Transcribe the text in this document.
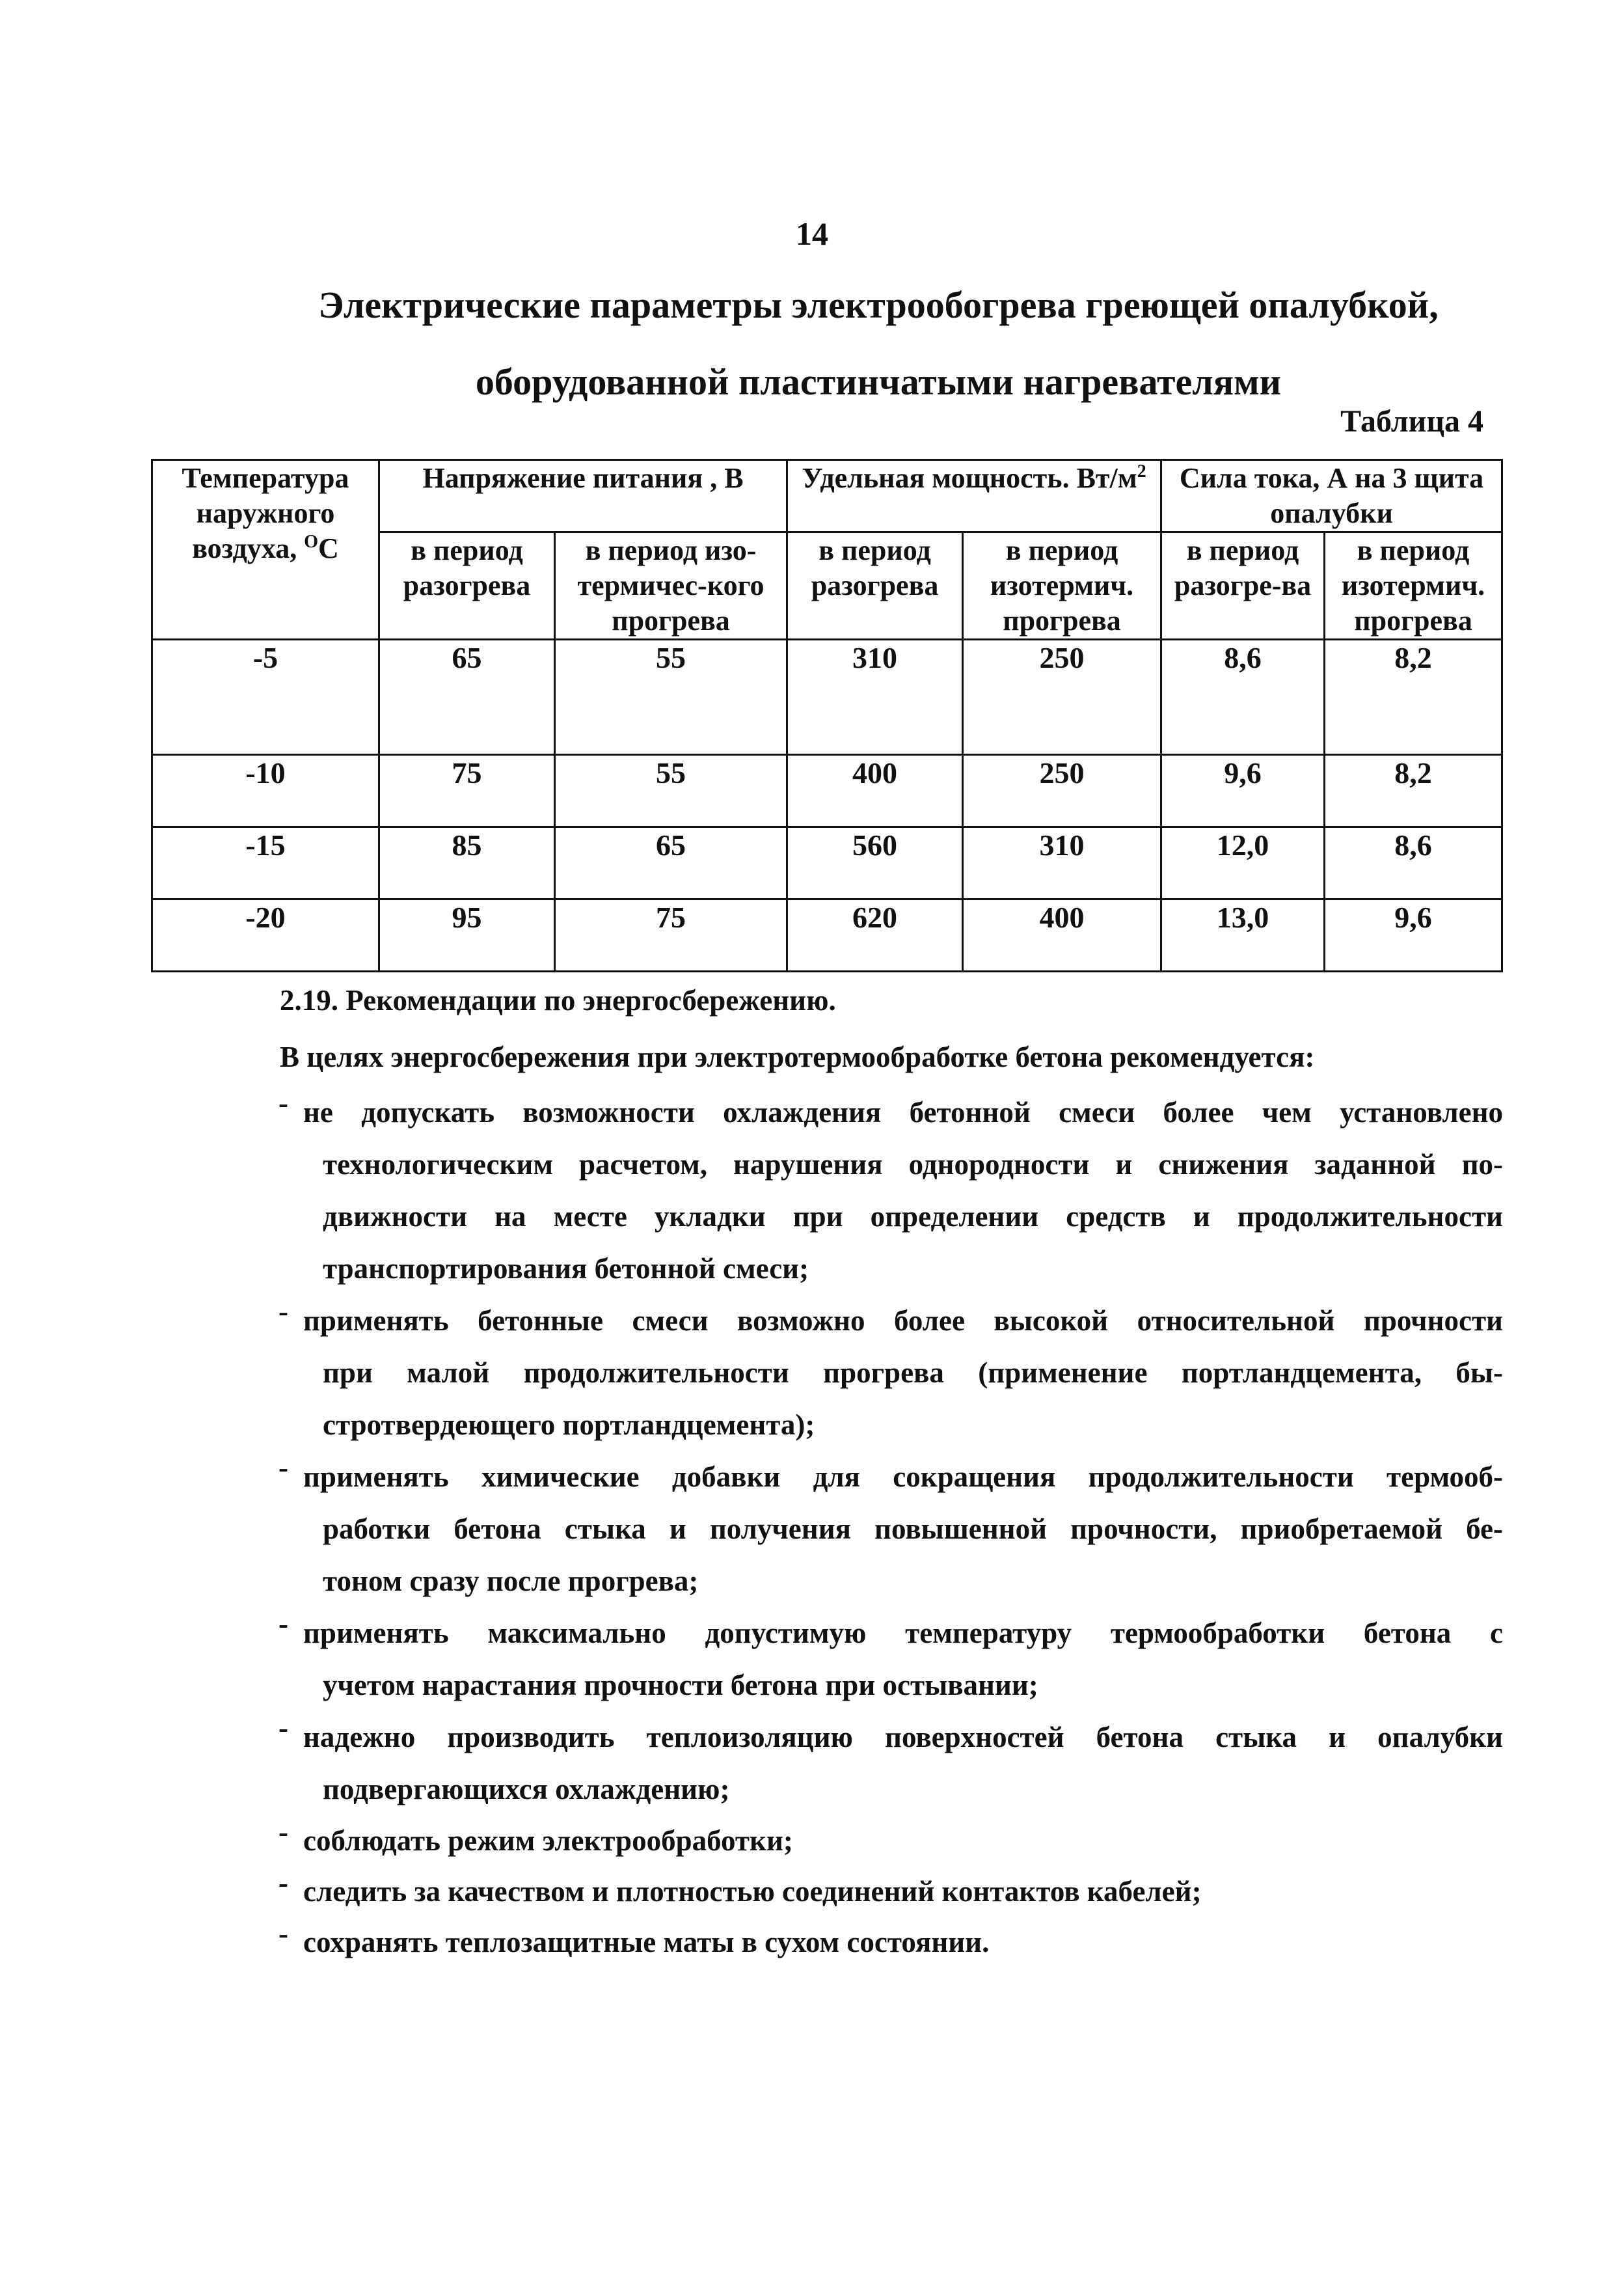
14
Электрические параметры электрообогрева греющей опалубкой,
оборудованной пластинчатыми нагревателями
Таблица 4
Температура наружного воздуха, $^О$С	Напряжение питания , В		Удельная мощность. $Вт/м^2$		Сила тока, А на 3 щита опалубки	
	в период разогрева	в период изо-термичес-кого прогрева	в период разогрева	в период изотермич. прогрева	в период разогре-ва	в период изотермич. прогрева
-5	65	55	310	250	8,6	8,2
-10	75	55	400	250	9,6	8,2
-15	85	65	560	310	12,0	8,6
-20	95	75	620	400	13,0	9,6
2.19. Рекомендации по энергосбережению.
В целях энергосбережения при электротермообработке бетона рекомендуется:
- не допускать возможности охлаждения бетонной смеси более чем установлено
технологическим расчетом, нарушения однородности и снижения заданной по-
движности на месте укладки при определении средств и продолжительности
транспортирования бетонной смеси;
- применять бетонные смеси возможно более высокой относительной прочности
при малой продолжительности прогрева (применение портландцемента, бы-
стротвердеющего портландцемента);
- применять химические добавки для сокращения продолжительности термооб-
работки бетона стыка и получения повышенной прочности, приобретаемой бе-
тоном сразу после прогрева;
- применять максимально допустимую температуру термообработки бетона с
учетом нарастания прочности бетона при остывании;
- надежно производить теплоизоляцию поверхностей бетона стыка и опалубки
подвергающихся охлаждению;
- соблюдать режим электрообработки;
- следить за качеством и плотностью соединений контактов кабелей;
- сохранять теплозащитные маты в сухом состоянии.
